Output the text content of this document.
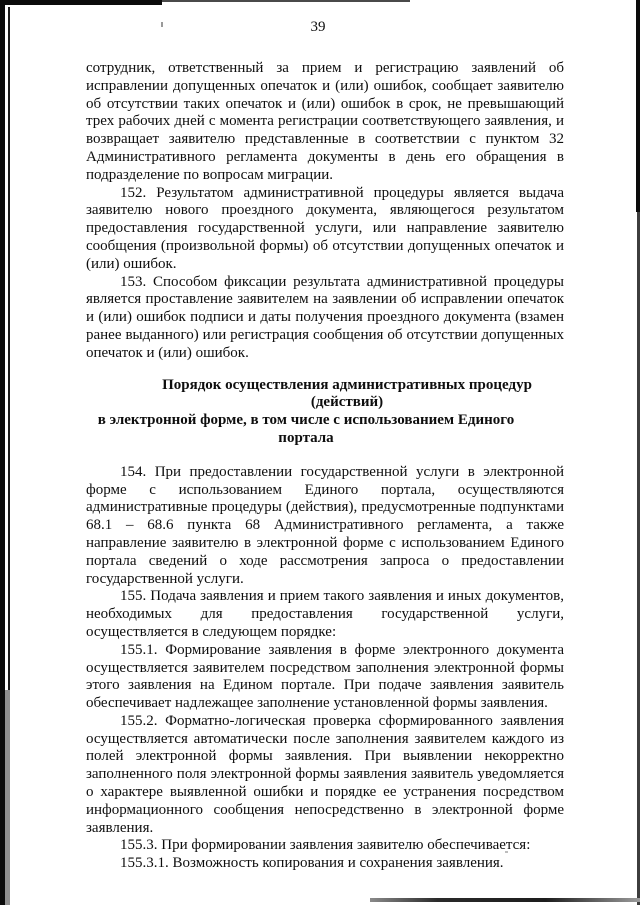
39

сотрудник, ответственный за прием и регистрацию заявлений об исправлении допущенных опечаток и (или) ошибок, сообщает заявителю об отсутствии таких опечаток и (или) ошибок в срок, не превышающий трех рабочих дней с момента регистрации соответствующего заявления, и возвращает заявителю представленные в соответствии с пунктом 32 Административного регламента документы в день его обращения в подразделение по вопросам миграции.

152. Результатом административной процедуры является выдача заявителю нового проездного документа, являющегося результатом предоставления государственной услуги, или направление заявителю сообщения (произвольной формы) об отсутствии допущенных опечаток и (или) ошибок.

153. Способом фиксации результата административной процедуры является проставление заявителем на заявлении об исправлении опечаток и (или) ошибок подписи и даты получения проездного документа (взамен ранее выданного) или регистрация сообщения об отсутствии допущенных опечаток и (или) ошибок.

Порядок осуществления административных процедур (действий)
в электронной форме, в том числе с использованием Единого портала

154. При предоставлении государственной услуги в электронной форме с использованием Единого портала, осуществляются административные процедуры (действия), предусмотренные подпунктами 68.1 – 68.6 пункта 68 Административного регламента, а также направление заявителю в электронной форме с использованием Единого портала сведений о ходе рассмотрения запроса о предоставлении государственной услуги.

155. Подача заявления и прием такого заявления и иных документов, необходимых для предоставления государственной услуги, осуществляется в следующем порядке:

155.1. Формирование заявления в форме электронного документа осуществляется заявителем посредством заполнения электронной формы этого заявления на Едином портале. При подаче заявления заявитель обеспечивает надлежащее заполнение установленной формы заявления.

155.2. Форматно-логическая проверка сформированного заявления осуществляется автоматически после заполнения заявителем каждого из полей электронной формы заявления. При выявлении некорректно заполненного поля электронной формы заявления заявитель уведомляется о характере выявленной ошибки и порядке ее устранения посредством информационного сообщения непосредственно в электронной форме заявления.

155.3. При формировании заявления заявителю обеспечивается:

155.3.1. Возможность копирования и сохранения заявления.
